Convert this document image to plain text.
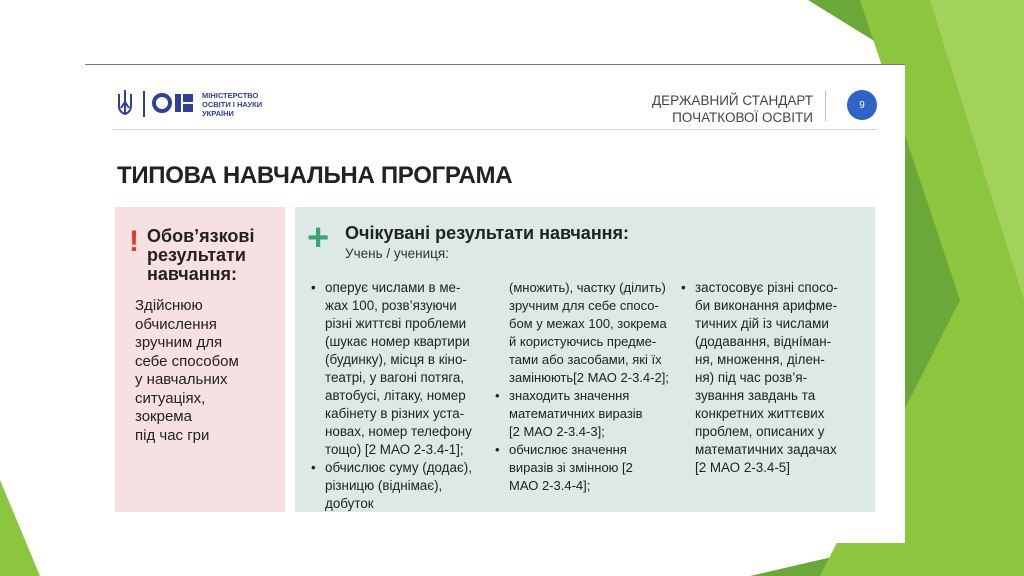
МІНІСТЕРСТВО
ОСВІТИ І НАУКИ
УКРАЇНИ
ДЕРЖАВНИЙ СТАНДАРТ
ПОЧАТКОВОЇ ОСВІТИ
9
ТИПОВА НАВЧАЛЬНА ПРОГРАМА
! Обов’язкові
результати
навчання:
Здійснюю
обчислення
зручним для
себе способом
у навчальних
ситуаціях,
зокрема
під час гри
+ Очікувані результати навчання:
Учень / учениця:

• оперує числами в ме-

жах 100, розв’язуючи

різні життєві проблеми

(шукає номер квартири

(будинку), місця в кіно-

театрі, у вагоні потяга,

автобусі, літаку, номер

кабінету в різних уста-

новах, номер телефону

тощо) [2 МАО 2-3.4-1];

• обчислює суму (додає),

різницю (віднімає), добуток

(множить), частку (ділить)

зручним для себе спосо-

бом у межах 100, зокрема

й користуючись предме-

тами або засобами, які їх

замінюють[2 МАО 2-3.4-2];

• знаходить значення

математичних виразів

[2 МАО 2-3.4-3];

• обчислює значення

виразів зі змінною [2

МАО 2-3.4-4];

• застосовує різні спосо-

би виконання арифме-

тичних дій із числами

(додавання, віднíман-

ня, множення, ділен-

ня) під час розв’я-

зування завдань та

конкретних життєвих

проблем, описаних у

математичних задачах

[2 МАО 2-3.4-5]
